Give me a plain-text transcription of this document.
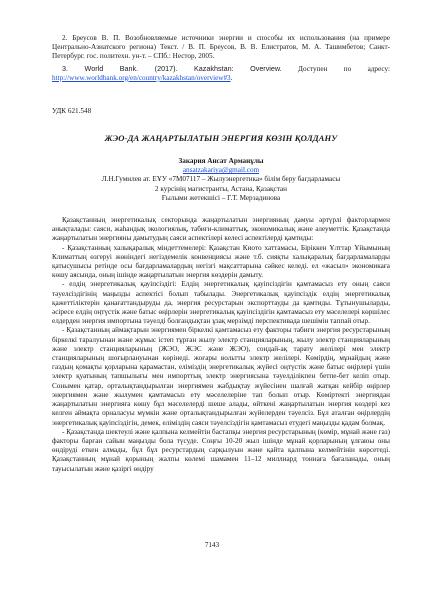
2. Бреусов В. П. Возобновляемые источники энергии и способы их использования (на примере Центрально-Азиатского региона) Текст. / В. П. Бреусов, В. В. Елистратов, М. А. Ташимбетов; Санкт-Петербург. гос. политехн. ун-т. – СПб.: Нестор, 2005.

3. World Bank. (2017). Kazakhstan: Overview. Доступен по адресу: http://www.worldbank.org/en/country/kazakhstan/overview#3.

УДК 621.548
ЖЭО-ДА ЖАҢАРТЫЛАТЫН ЭНЕРГИЯ КӨЗІН ҚОЛДАНУ
Закария Ансат Арманұлы
ansatzakariya@gmail.com
Л.Н.Гумилев ат. ЕҰУ «7М07117 – Жылуэнергетика» білім беру бағдарламасы
2 курсінің магистранты, Астана, Қазақстан
Ғылыми жетекшісі – Г.Т. Мерзадинова

Қазақстанның энергетикалық секторында жаңартылатын энергияның дамуы әртүрлі факторлармен анықталады: саяси, жаһандық экологиялық, табиғи-климаттық, экономикалық және әлеуметтік. Қазақстанда жаңартылатын энергияны дамытудың саяси аспектілері келесі аспектілерді қамтиды:

- Қазақстанның халықаралық міндеттемелері: Қазақстан Киото хаттамасы, Біріккен Ұлттар Ұйымының Климаттың өзгеруі жөніндегі негіздемелік конвенциясы және т.б. сияқты халықаралық бағдарламаларды қатысушысы ретінде осы бағдарламалардың негізгі мақсаттарына сәйкес келеді. ел «жасыл» экономикаға көшу аясында, оның ішінде жаңартылатын энергия көздерін дамыту.

- елдің энергетикалық қауіпсіздігі: Елдің энергетикалық қауіпсіздігін қамтамасыз ету оның саяси тәуелсіздігінің маңызды аспектісі болып табылады. Энергетикалық қауіпсіздік елдің энергетикалық қажеттіліктерін қанағаттандыруды да, энергия ресурстарын экспорттауды да қамтиды. Тұтынушыларды, әсіресе елдің оңтүстік және батыс өңірлерін энергетикалық қауіпсіздігін қамтамасыз ету мәселелері көршілес елдерден энергия импортына тәуелді болғандықтан ұзақ мерзімді перспективада шешімін таппай отыр.

- Қазақстанның аймақтарын энергиямен біркелкі қамтамасыз ету факторы табиғи энергия ресурстарының біркелкі таралуынан және жұмыс істеп тұрған жылу электр станцияларының, жылу электр станцияларының және электр станцияларының (ЖЭО, ЖЭС және ЖЭО), сондай-ақ тарату желілері мен электр станцияларының шоғырлануынан көрінеді. жоғары вольтты электр желілері. Көмірдің, мұнайдың және газдың қомақты қорларына қарамастан, еліміздің энергетикалық жүйесі оңтүстік және батыс өңірлері үшін электр қуатының тапшылығы мен импорттық электр энергиясына тәуелділікпен бетпе-бет келіп отыр. Сонымен қатар, орталықтандырылған энергиямен жабдықтау жүйесінен шалғай жатқан кейбір өңірлер энергиямен және жылумен қамтамасыз ету мәселелеріне тап болып отыр. Көміртекті энергиядан жаңартылатын энергияға көшу бұл мәселелерді шешe алады, өйткені жаңартылатын энергия көздері кез келген аймақта орналасуы мүмкін және орталықтандырылған жүйелерден тәуелсіз. Бұл аталған өңірлердің энергетикалық қауіпсіздігін, демек, еліміздің саяси тәуелсіздігін қамтамасыз етудегі маңызды қадам болмақ.

- Қазақстанда шектеулі және қалпына келмейтін бастапқы энергия ресурстарының (көмір, мұнай және газ) факторы барған сайын маңызды бола түсуде. Соңғы 10-20 жыл ішінде мұнай қорларының ұлғаюы оны өндіруді еткен алмады, бұл бұл ресурстардың сарқылуын және қайта қалпына келмейтінін көрсетеді. Қазақстанның мұнай қорының жалпы көлемі шамамен 11–12 миллиард тоннаға бағаланады, оның тауысылатын және қазіргі өндіру

7143
